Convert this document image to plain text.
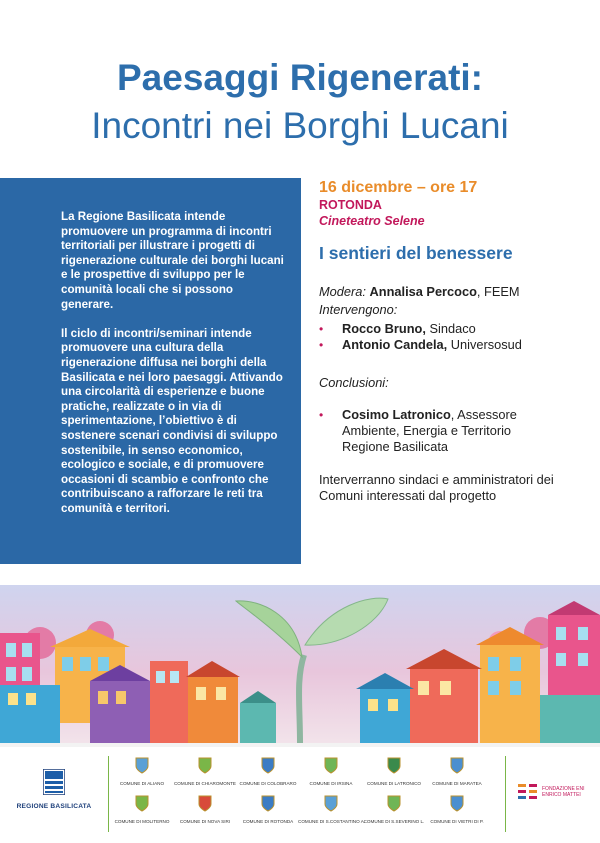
Paesaggi Rigenerati:
Incontri nei Borghi Lucani

La Regione Basilicata intende promuovere un programma di incontri territoriali per illustrare i progetti di rigenerazione culturale dei borghi lucani e le prospettive di sviluppo per le comunità locali che si possono generare.

Il ciclo di incontri/seminari intende promuovere una cultura della rigenerazione diffusa nei borghi della Basilicata e nei loro paesaggi. Attivando una circolarità di esperienze e buone pratiche, realizzate o in via di sperimentazione, l’obiettivo è di sostenere scenari condivisi di sviluppo sostenibile, in senso economico, ecologico e sociale, e di promuovere occasioni di scambio e confronto che contribuiscano a rafforzare le reti tra comunità e territori.

16 dicembre – ore 17
ROTONDA
Cineteatro Selene
I sentieri del benessere
Modera: Annalisa Percoco, FEEM
Intervengono:
• Rocco Bruno, Sindaco
• Antonio Candela, Universosud
Conclusioni:
• Cosimo Latronico, Assessore Ambiente, Energia e Territorio Regione Basilicata
Interverranno sindaci e amministratori dei Comuni interessati dal progetto
REGIONE BASILICATA
COMUNE DI ALIANO	COMUNE DI CHIAROMONTE COMUNE DI COLOBRARO	COMUNE DI IRSINA	COMUNE DI LATRONICO	COMUNE DI MARATEA
COMUNE DI MOLITERNO	COMUNE DI NOVA SIRI	COMUNE DI ROTONDA	COMUNE DI S.COSTANTINO A.
COMUNE DI S.SEVERINO L.	COMUNE DI VIETRI DI P.
FONDAZIONE ENI
ENRICO MATTEI
